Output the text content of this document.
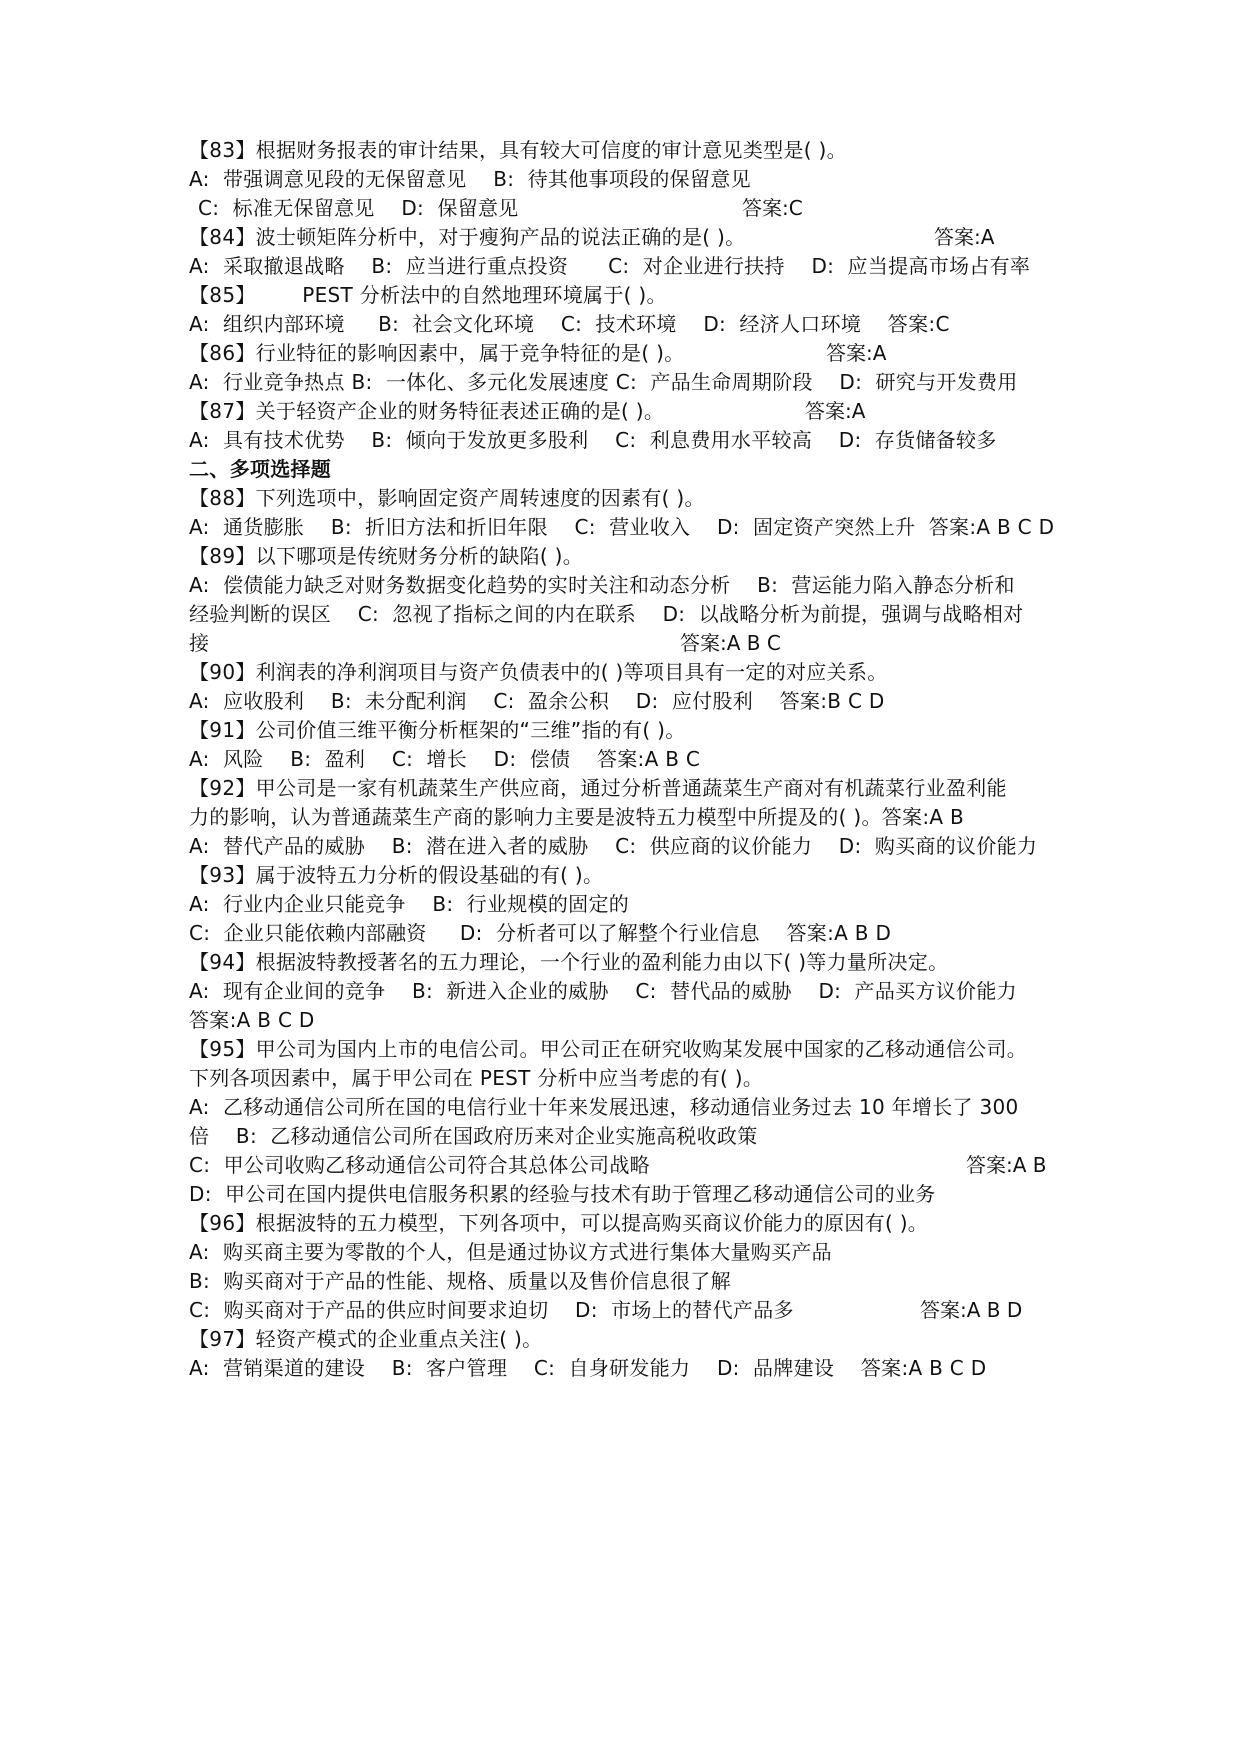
【83】根据财务报表的审计结果，具有较大可信度的审计意见类型是( )。
A:  带强调意见段的无保留意见    B:  待其他事项段的保留意见
C:  标准无保留意见    D:  保留意见	答案:C
【84】波士顿矩阵分析中，对于瘦狗产品的说法正确的是( )。	答案:A
A:  采取撤退战略    B:  应当进行重点投资      C:  对企业进行扶持    D:  应当提高市场占有率
【85】       PEST 分析法中的自然地理环境属于( )。
A:  组织内部环境     B:  社会文化环境    C:  技术环境    D:  经济人口环境    答案:C
【86】行业特征的影响因素中，属于竞争特征的是( )。	答案:A
A:  行业竞争热点 B:  一体化、多元化发展速度 C:  产品生命周期阶段    D:  研究与开发费用
【87】关于轻资产企业的财务特征表述正确的是( )。	答案:A
A:  具有技术优势    B:  倾向于发放更多股利    C:  利息费用水平较高    D:  存货储备较多
二、多项选择题
【88】下列选项中，影响固定资产周转速度的因素有( )。
A:  通货膨胀    B:  折旧方法和折旧年限    C:  营业收入    D:  固定资产突然上升  答案:A B C D
【89】以下哪项是传统财务分析的缺陷( )。
A:  偿债能力缺乏对财务数据变化趋势的实时关注和动态分析    B:  营运能力陷入静态分析和
经验判断的误区    C:  忽视了指标之间的内在联系    D:  以战略分析为前提，强调与战略相对
接	答案:A B C
【90】利润表的净利润项目与资产负债表中的( )等项目具有一定的对应关系。
A:  应收股利    B:  未分配利润    C:  盈余公积    D:  应付股利    答案:B C D
【91】公司价值三维平衡分析框架的“三维”指的有( )。
A:  风险    B:  盈利    C:  增长    D:  偿债    答案:A B C
【92】甲公司是一家有机蔬菜生产供应商，通过分析普通蔬菜生产商对有机蔬菜行业盈利能
力的影响，认为普通蔬菜生产商的影响力主要是波特五力模型中所提及的( )。答案:A B
A:  替代产品的威胁    B:  潜在进入者的威胁    C:  供应商的议价能力    D:  购买商的议价能力
【93】属于波特五力分析的假设基础的有( )。
A:  行业内企业只能竞争    B:  行业规模的固定的
C:  企业只能依赖内部融资     D:  分析者可以了解整个行业信息    答案:A B D
【94】根据波特教授著名的五力理论，一个行业的盈利能力由以下( )等力量所决定。
A:  现有企业间的竞争    B:  新进入企业的威胁    C:  替代品的威胁    D:  产品买方议价能力
答案:A B C D
【95】甲公司为国内上市的电信公司。甲公司正在研究收购某发展中国家的乙移动通信公司。
下列各项因素中，属于甲公司在 PEST 分析中应当考虑的有( )。
A:  乙移动通信公司所在国的电信行业十年来发展迅速，移动通信业务过去 10 年增长了 300
倍    B:  乙移动通信公司所在国政府历来对企业实施高税收政策
C:  甲公司收购乙移动通信公司符合其总体公司战略	答案:A B
D:  甲公司在国内提供电信服务积累的经验与技术有助于管理乙移动通信公司的业务
【96】根据波特的五力模型，下列各项中，可以提高购买商议价能力的原因有( )。
A:  购买商主要为零散的个人，但是通过协议方式进行集体大量购买产品
B:  购买商对于产品的性能、规格、质量以及售价信息很了解
C:  购买商对于产品的供应时间要求迫切    D:  市场上的替代产品多	答案:A B D
【97】轻资产模式的企业重点关注( )。
A:  营销渠道的建设    B:  客户管理    C:  自身研发能力    D:  品牌建设    答案:A B C D
